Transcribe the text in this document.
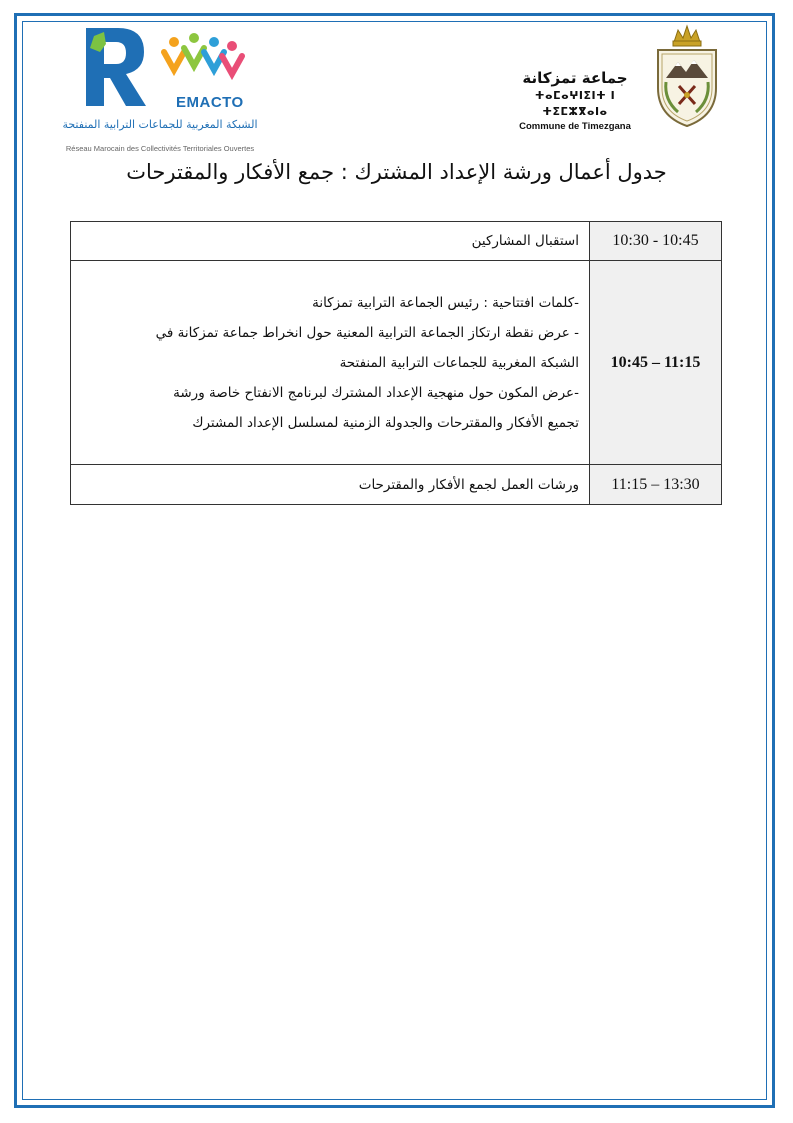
EMACTO
الشبكة المغربية للجماعات الترابية المنفتحة
Réseau Marocain des Collectivités Territoriales Ouvertes
جماعة تمزكانة
ⵜⴰⵎⴰⵖⵏⵉⵏⵜ ⵏ ⵜⵉⵎⵣⴳⴰⵏⴰ
Commune de Timezgana
جدول أعمال ورشة الإعداد المشترك : جمع الأفكار والمقترحات
10:30 - 10:45	استقبال المشاركين

10:45 – 11:15	-كلمات افتتاحية : رئيس الجماعة الترابية تمزكانة
- عرض نقطة ارتكاز الجماعة الترابية المعنية حول انخراط جماعة تمزكانة في
الشبكة المغربية للجماعات الترابية المنفتحة
-عرض المكون حول منهجية الإعداد المشترك لبرنامج الانفتاح خاصة ورشة
تجميع الأفكار والمقترحات والجدولة الزمنية لمسلسل الإعداد المشترك

11:15 – 13:30	ورشات العمل لجمع الأفكار والمقترحات
